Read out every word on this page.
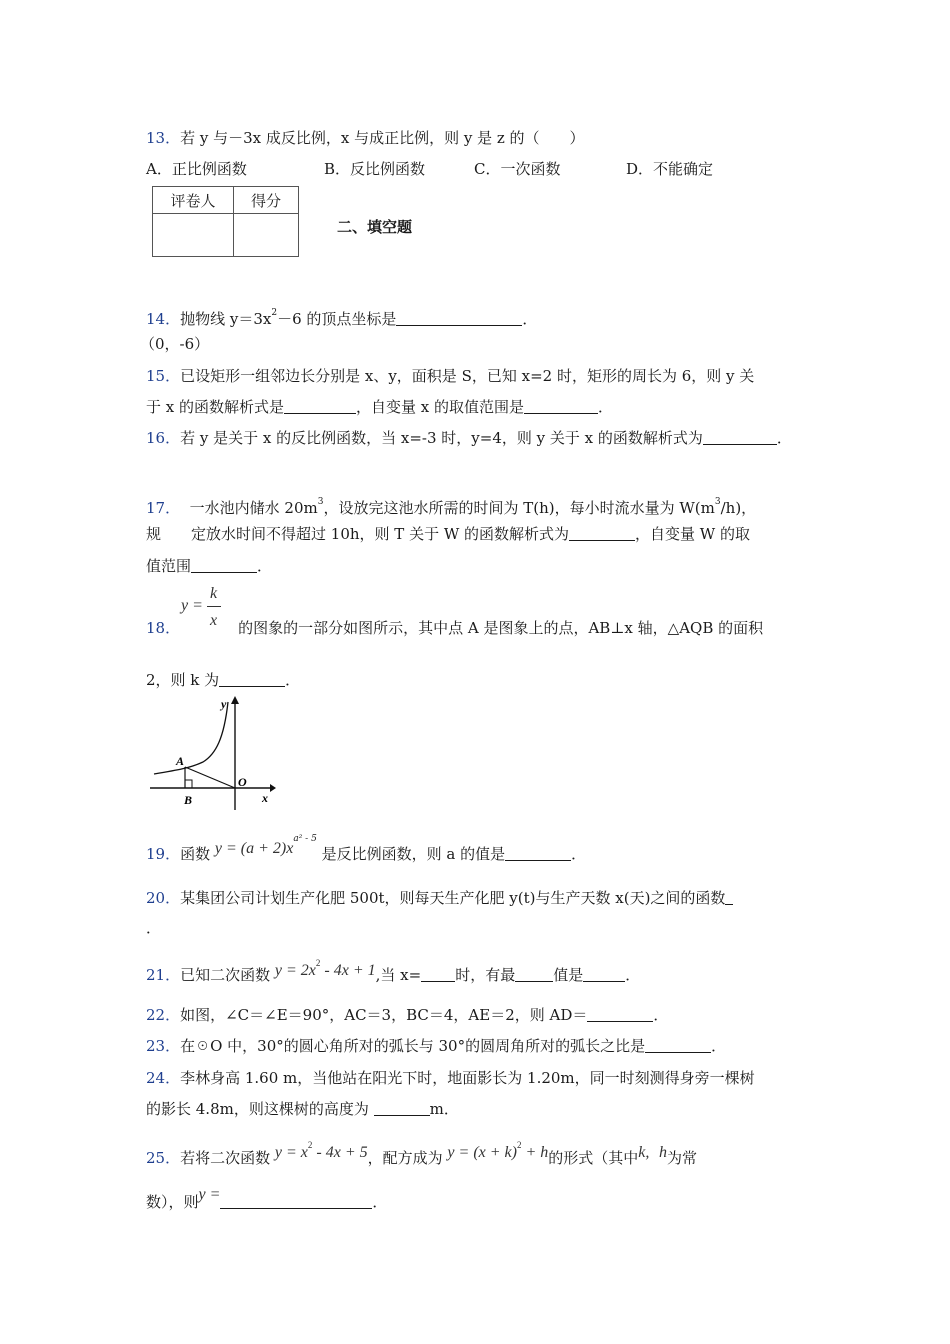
13．若 y 与－3x 成反比例，x 与成正比例，则 y 是 z 的（　　）
A．正比例函数	B．反比例函数	C．一次函数	D．不能确定
评卷人	得分

二、填空题
14．抛物线 $y=3x^2-6$ 的顶点坐标是	．
（0，-6）
15．已设矩形一组邻边长分别是 x、y，面积是 S，已知 x=2 时，矩形的周长为 6，则 y 关
于 x 的函数解析式是	，自变量 x 的取值范围是	．
16．若 y 是关于 x 的反比例函数，当 x=-3 时，y=4，则 y 关于 x 的函数解析式为	．
17． 一水池内储水 $20m^3$，设放完这池水所需的时间为 T(h)，每小时流水量为 $W(m^3/h)$，
规 定放水时间不得超过 10h，则 T 关于 W 的函数解析式为	，自变量 W 的取
值范围	．
y =
k
x
18．	的图象的一部分如图所示，其中点 A 是图象上的点，AB⊥x 轴，△AQB 的面积
2，则 k 为	．
y
x
A
B
O
19．函数 $y = (a + 2)x^{a^2 - 5}$ 是反比例函数，则 a 的值是	．
20．某集团公司计划生产化肥 500t，则每天生产化肥 y(t)与生产天数 x(天)之间的函数
．
21．已知二次函数 $y = 2x^2 - 4x + 1$,当 x= 时，有最	值是	．
22．如图，∠C＝∠E＝90°，AC＝3，BC＝4，AE＝2，则 AD＝	．
23．在☉O 中，30°的圆心角所对的弧长与 30°的圆周角所对的弧长之比是	．
24．李林身高 1.60 m，当他站在阳光下时，地面影长为 1.20m，同一时刻测得身旁一棵树
的影长 4.8m，则这棵树的高度为	m．
25．若将二次函数 $y = x^2 - 4x + 5$，配方成为 $y = (x + k)^2 + h$的形式（其中k, h为常
数），则y =	．
